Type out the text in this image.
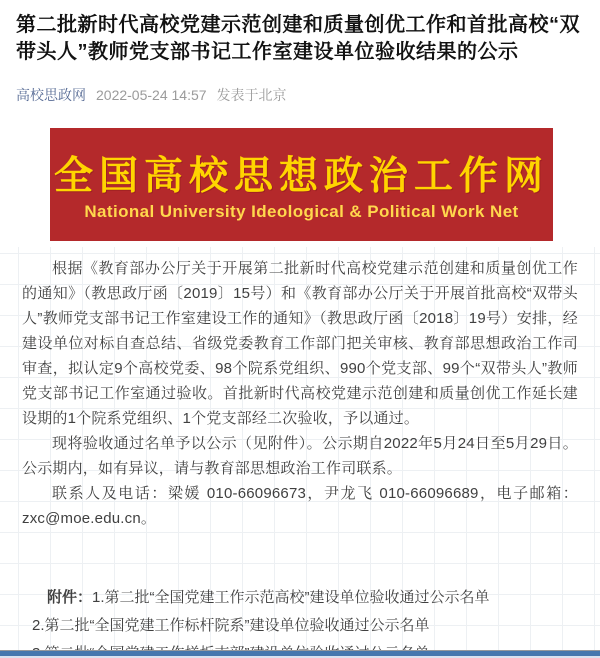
第二批新时代高校党建示范创建和质量创优工作和首批高校“双带头人”教师党支部书记工作室建设单位验收结果的公示
高校思政网 2022-05-24 14:57 发表于北京
全国高校思想政治工作网
National University Ideological & Political Work Net

根据《教育部办公厅关于开展第二批新时代高校党建示范创建和质量创优工作的通知》（教思政厅函〔2019〕15号）和《教育部办公厅关于开展首批高校“双带头人”教师党支部书记工作室建设工作的通知》（教思政厅函〔2018〕19号）安排，经建设单位对标自查总结、省级党委教育工作部门把关审核、教育部思想政治工作司审查，拟认定9个高校党委、98个院系党组织、990个党支部、99个“双带头人”教师党支部书记工作室通过验收。首批新时代高校党建示范创建和质量创优工作延长建设期的1个院系党组织、1个党支部经二次验收，予以通过。

现将验收通过名单予以公示（见附件）。公示期自2022年5月24日至5月29日。公示期内，如有异议，请与教育部思想政治工作司联系。

联系人及电话：梁媛 010-66096673，尹龙飞 010-66096689，电子邮箱：zxc@moe.edu.cn。

附件：1.第二批“全国党建工作示范高校”建设单位验收通过公示名单
2.第二批“全国党建工作标杆院系”建设单位验收通过公示名单
